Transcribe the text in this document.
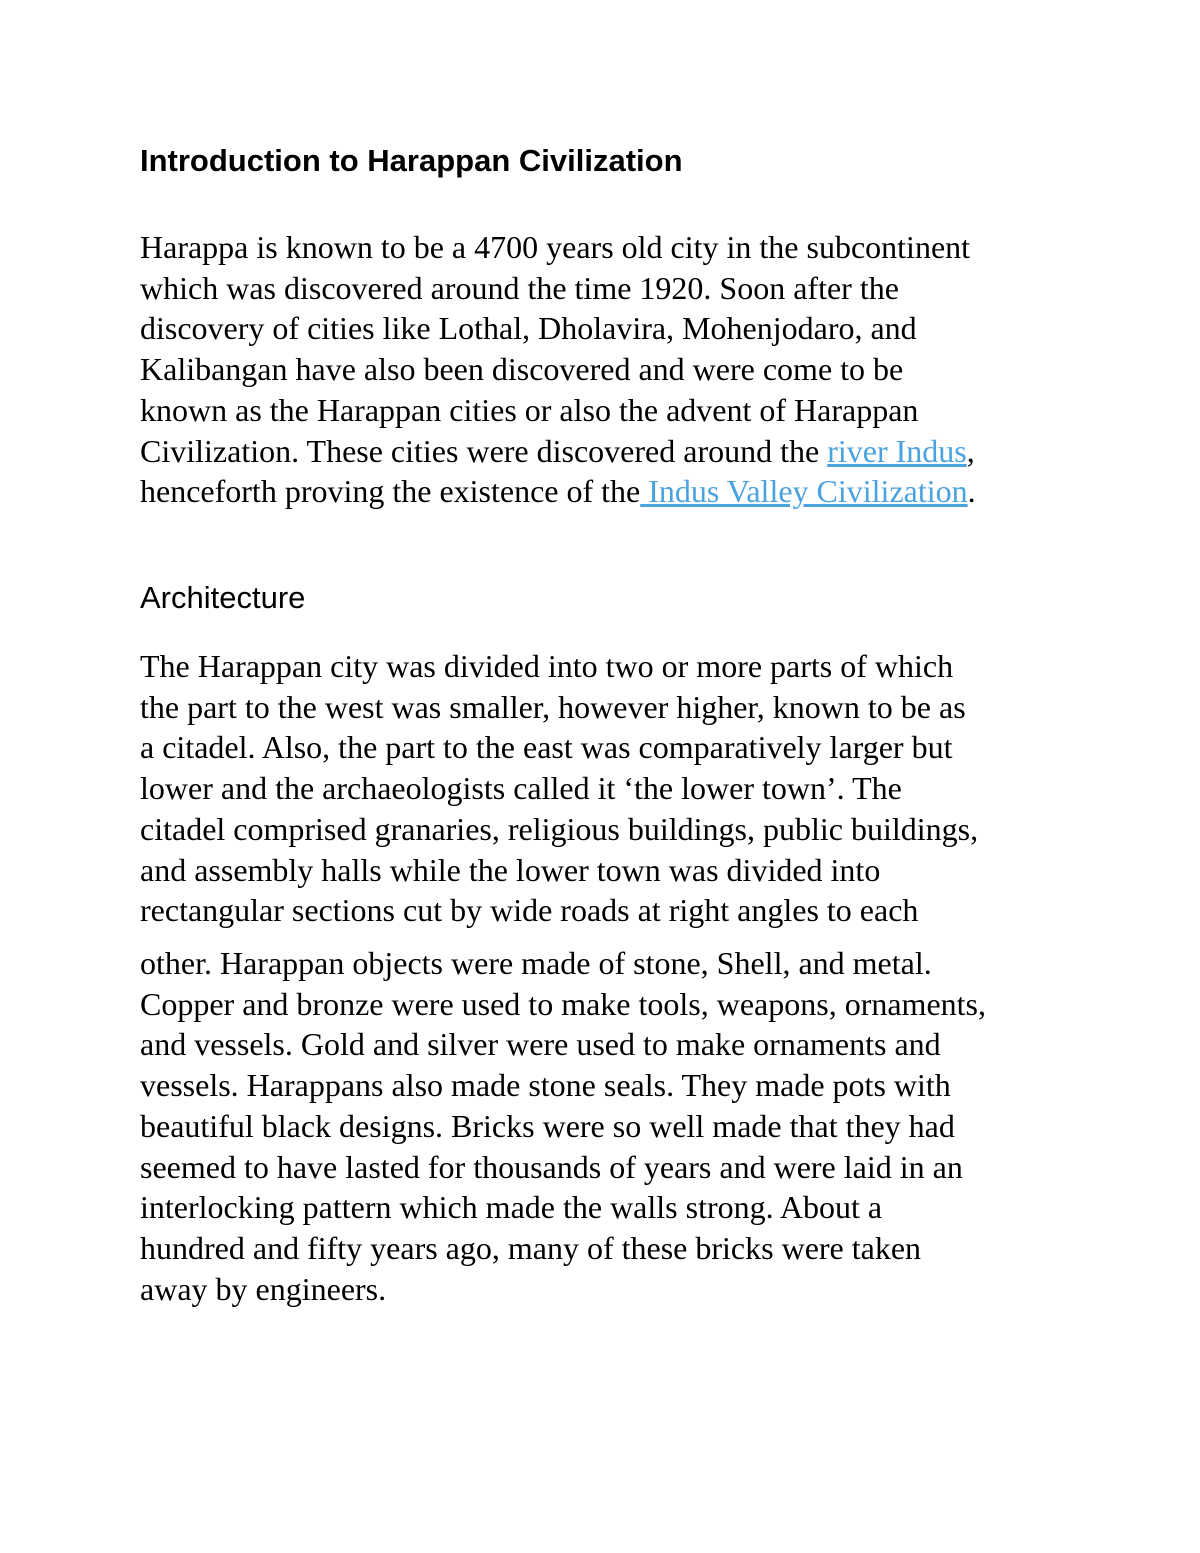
Introduction to Harappan Civilization

Harappa is known to be a 4700 years old city in the subcontinent
which was discovered around the time 1920. Soon after the
discovery of cities like Lothal, Dholavira, Mohenjodaro, and
Kalibangan have also been discovered and were come to be
known as the Harappan cities or also the advent of Harappan
Civilization. These cities were discovered around the river Indus,
henceforth proving the existence of the Indus Valley Civilization.

Architecture

The Harappan city was divided into two or more parts of which
the part to the west was smaller, however higher, known to be as
a citadel. Also, the part to the east was comparatively larger but
lower and the archaeologists called it ‘the lower town’. The
citadel comprised granaries, religious buildings, public buildings,
and assembly halls while the lower town was divided into
rectangular sections cut by wide roads at right angles to each

other. Harappan objects were made of stone, Shell, and metal.
Copper and bronze were used to make tools, weapons, ornaments,
and vessels. Gold and silver were used to make ornaments and
vessels. Harappans also made stone seals. They made pots with
beautiful black designs. Bricks were so well made that they had
seemed to have lasted for thousands of years and were laid in an
interlocking pattern which made the walls strong. About a
hundred and fifty years ago, many of these bricks were taken
away by engineers.
